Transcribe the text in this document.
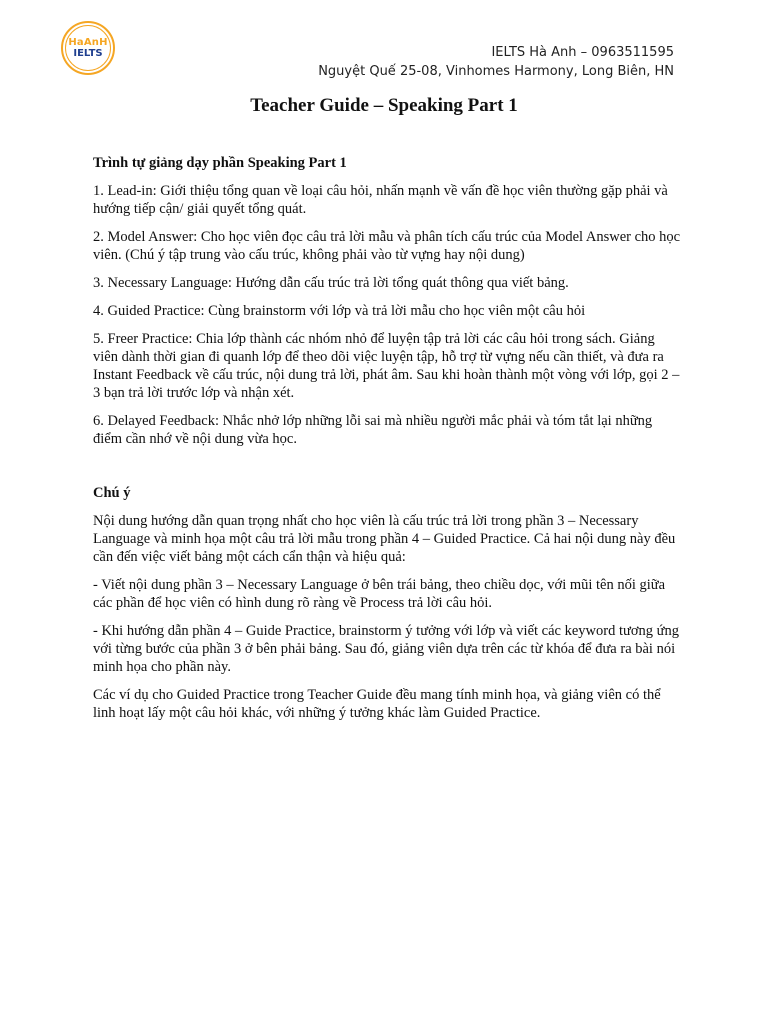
HaAnH
IELTS	IELTS Hà Anh – 0963511595
Nguyệt Quế 25-08, Vinhomes Harmony, Long Biên, HN
Teacher Guide – Speaking Part 1

Trình tự giảng dạy phần Speaking Part 1

1. Lead-in: Giới thiệu tổng quan về loại câu hỏi, nhấn mạnh về vấn đề học viên thường gặp phải và hướng tiếp cận/ giải quyết tổng quát.

2. Model Answer: Cho học viên đọc câu trả lời mẫu và phân tích cấu trúc của Model Answer cho học viên. (Chú ý tập trung vào cấu trúc, không phải vào từ vựng hay nội dung)

3. Necessary Language: Hướng dẫn cấu trúc trả lời tổng quát thông qua viết bảng.

4. Guided Practice: Cùng brainstorm với lớp và trả lời mẫu cho học viên một câu hỏi

5. Freer Practice: Chia lớp thành các nhóm nhỏ để luyện tập trả lời các câu hỏi trong sách. Giảng viên dành thời gian đi quanh lớp để theo dõi việc luyện tập, hỗ trợ từ vựng nếu cần thiết, và đưa ra Instant Feedback về cấu trúc, nội dung trả lời, phát âm. Sau khi hoàn thành một vòng với lớp, gọi 2 – 3 bạn trả lời trước lớp và nhận xét.

6. Delayed Feedback: Nhắc nhở lớp những lỗi sai mà nhiều người mắc phải và tóm tắt lại những điểm cần nhớ về nội dung vừa học.

Chú ý

Nội dung hướng dẫn quan trọng nhất cho học viên là cấu trúc trả lời trong phần 3 – Necessary Language và minh họa một câu trả lời mẫu trong phần 4 – Guided Practice. Cả hai nội dung này đều cần đến việc viết bảng một cách cẩn thận và hiệu quả:

- Viết nội dung phần 3 – Necessary Language ở bên trái bảng, theo chiều dọc, với mũi tên nối giữa các phần để học viên có hình dung rõ ràng về Process trả lời câu hỏi.

- Khi hướng dẫn phần 4 – Guide Practice, brainstorm ý tưởng với lớp và viết các keyword tương ứng với từng bước của phần 3 ở bên phải bảng. Sau đó, giảng viên dựa trên các từ khóa để đưa ra bài nói minh họa cho phần này.

Các ví dụ cho Guided Practice trong Teacher Guide đều mang tính minh họa, và giảng viên có thể linh hoạt lấy một câu hỏi khác, với những ý tưởng khác làm Guided Practice.
